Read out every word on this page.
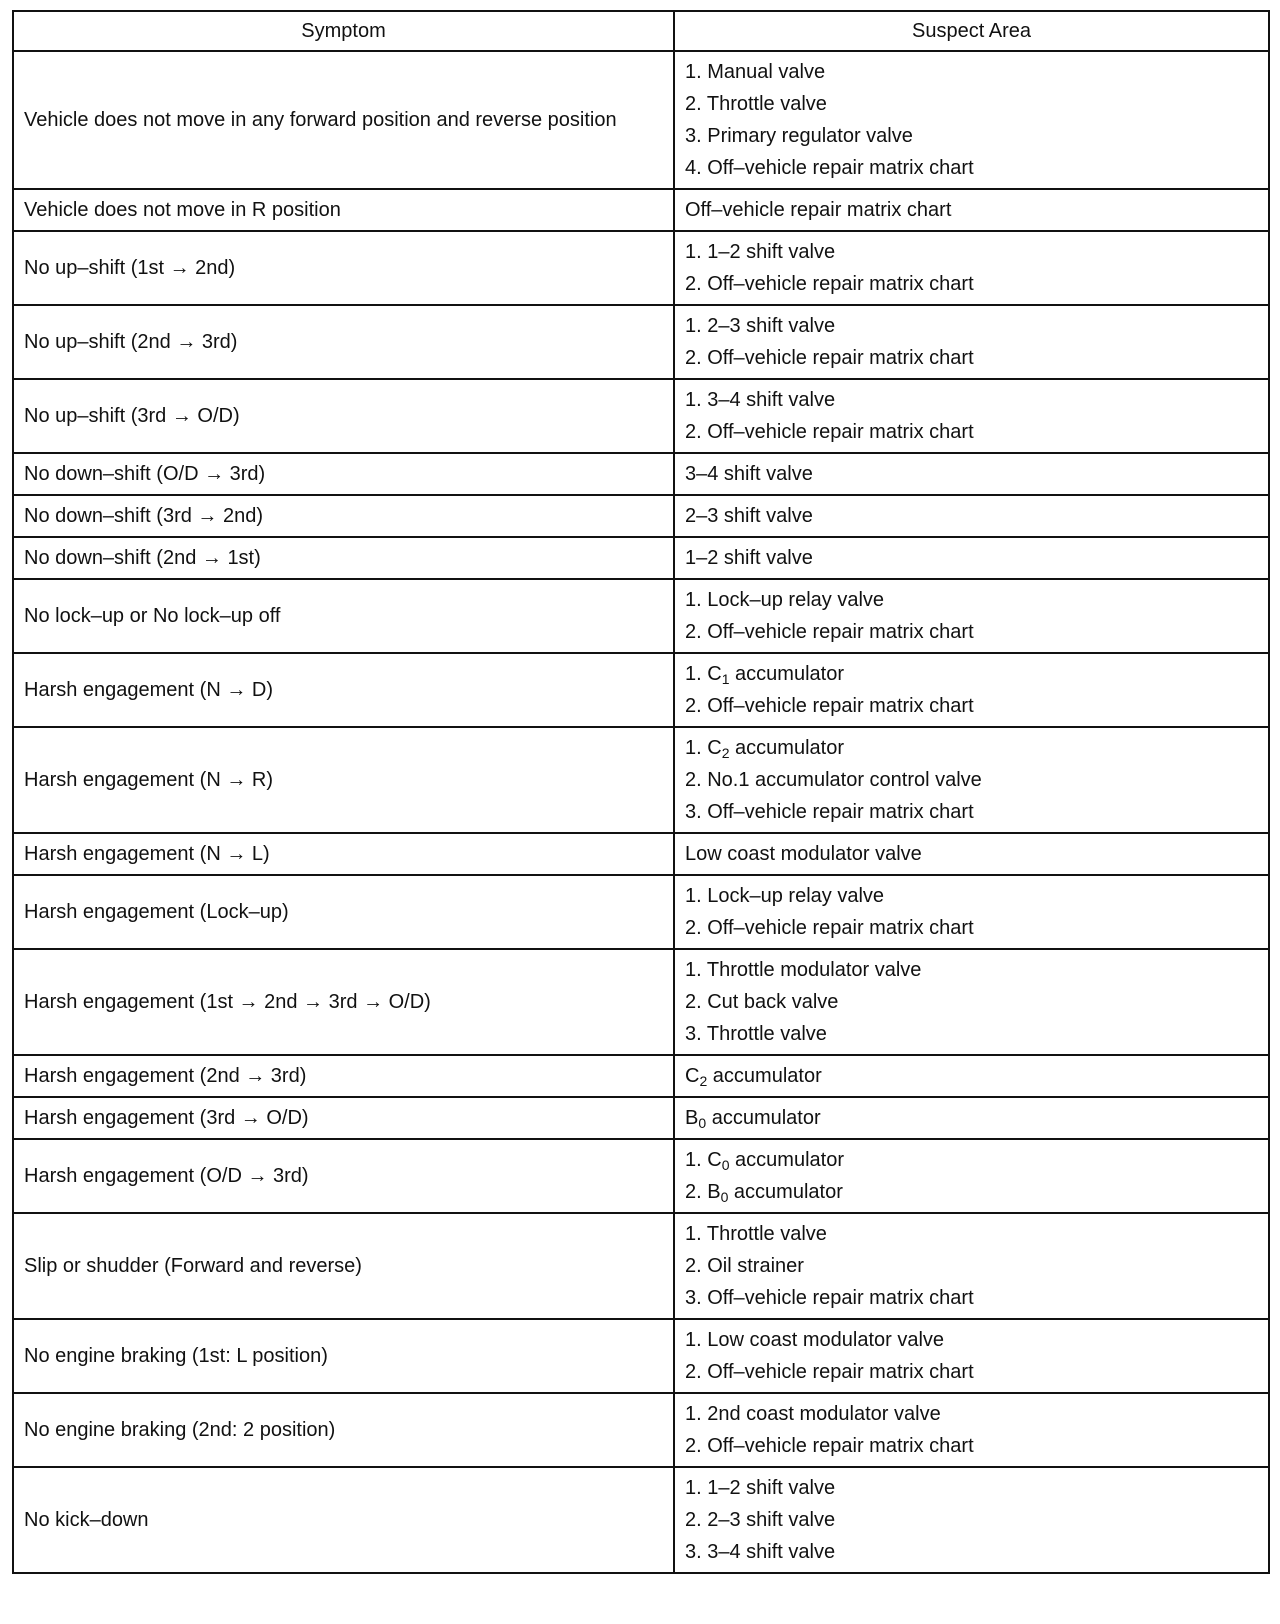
Symptom	Suspect Area

Vehicle does not move in any forward position and reverse position	1. Manual valve
2. Throttle valve
3. Primary regulator valve
4. Off–vehicle repair matrix chart

Vehicle does not move in R position	Off–vehicle repair matrix chart

No up–shift (1st → 2nd)	1. 1–2 shift valve
2. Off–vehicle repair matrix chart

No up–shift (2nd → 3rd)	1. 2–3 shift valve
2. Off–vehicle repair matrix chart

No up–shift (3rd → O/D)	1. 3–4 shift valve
2. Off–vehicle repair matrix chart

No down–shift (O/D → 3rd)	3–4 shift valve

No down–shift (3rd → 2nd)	2–3 shift valve

No down–shift (2nd → 1st)	1–2 shift valve

No lock–up or No lock–up off	1. Lock–up relay valve
2. Off–vehicle repair matrix chart

Harsh engagement (N → D)	1. $C_1$ accumulator
2. Off–vehicle repair matrix chart

Harsh engagement (N → R)	1. $C_2$ accumulator
2. No.1 accumulator control valve
3. Off–vehicle repair matrix chart

Harsh engagement (N → L)	Low coast modulator valve

Harsh engagement (Lock–up)	1. Lock–up relay valve
2. Off–vehicle repair matrix chart

Harsh engagement (1st → 2nd → 3rd → O/D)	1. Throttle modulator valve
2. Cut back valve
3. Throttle valve

Harsh engagement (2nd → 3rd)	$C_2$ accumulator

Harsh engagement (3rd → O/D)	$B_0$ accumulator

Harsh engagement (O/D → 3rd)	1. $C_0$ accumulator
2. $B_0$ accumulator

Slip or shudder (Forward and reverse)	1. Throttle valve
2. Oil strainer
3. Off–vehicle repair matrix chart

No engine braking (1st: L position)	1. Low coast modulator valve
2. Off–vehicle repair matrix chart

No engine braking (2nd: 2 position)	1. 2nd coast modulator valve
2. Off–vehicle repair matrix chart

No kick–down	1. 1–2 shift valve
2. 2–3 shift valve
3. 3–4 shift valve
